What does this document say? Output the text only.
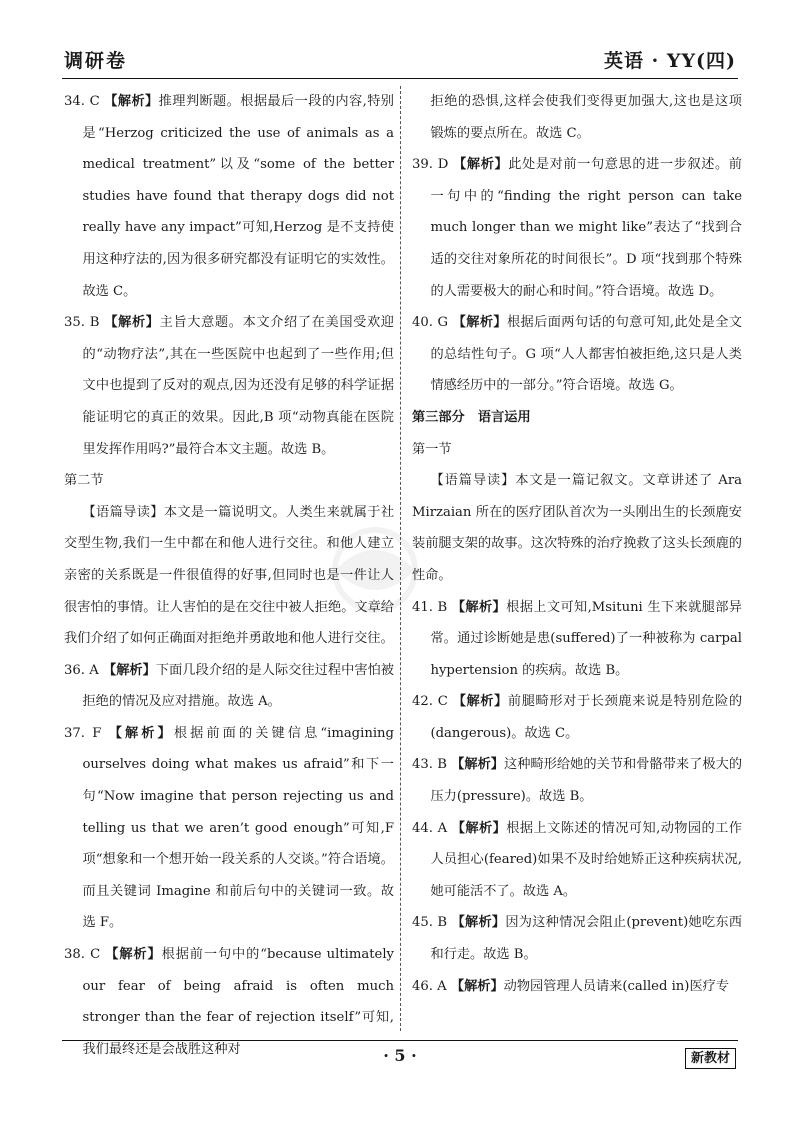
调研卷	英语 · YY(四)

34. C 【解析】推理判断题。根据最后一段的内容,特别是“Herzog criticized the use of animals as a medical treatment”以及“some of the better studies have found that therapy dogs did not really have any impact”可知,Herzog 是不支持使用这种疗法的,因为很多研究都没有证明它的实效性。故选 C。

35. B 【解析】主旨大意题。本文介绍了在美国受欢迎的“动物疗法”,其在一些医院中也起到了一些作用;但文中也提到了反对的观点,因为还没有足够的科学证据能证明它的真正的效果。因此,B 项“动物真能在医院里发挥作用吗?”最符合本文主题。故选 B。

第二节

【语篇导读】本文是一篇说明文。人类生来就属于社交型生物,我们一生中都在和他人进行交往。和他人建立亲密的关系既是一件很值得的好事,但同时也是一件让人很害怕的事情。让人害怕的是在交往中被人拒绝。文章给我们介绍了如何正确面对拒绝并勇敢地和他人进行交往。

36. A 【解析】下面几段介绍的是人际交往过程中害怕被拒绝的情况及应对措施。故选 A。

37. F 【解析】根据前面的关键信息“imagining ourselves doing what makes us afraid”和下一句“Now imagine that person rejecting us and telling us that we aren’t good enough”可知,F 项“想象和一个想开始一段关系的人交谈。”符合语境。而且关键词 Imagine 和前后句中的关键词一致。故选 F。

38. C 【解析】根据前一句中的“because ultimately our fear of being afraid is often much stronger than the fear of rejection itself”可知,我们最终还是会战胜这种对

拒绝的恐惧,这样会使我们变得更加强大,这也是这项锻炼的要点所在。故选 C。

39. D 【解析】此处是对前一句意思的进一步叙述。前一句中的“finding the right person can take much longer than we might like”表达了“找到合适的交往对象所花的时间很长”。D 项“找到那个特殊的人需要极大的耐心和时间。”符合语境。故选 D。

40. G 【解析】根据后面两句话的句意可知,此处是全文的总结性句子。G 项“人人都害怕被拒绝,这只是人类情感经历中的一部分。”符合语境。故选 G。

第三部分　语言运用

第一节

【语篇导读】本文是一篇记叙文。文章讲述了 Ara Mirzaian 所在的医疗团队首次为一头刚出生的长颈鹿安装前腿支架的故事。这次特殊的治疗挽救了这头长颈鹿的性命。

41. B 【解析】根据上文可知,Msituni 生下来就腿部异常。通过诊断她是患(suffered)了一种被称为 carpal hypertension 的疾病。故选 B。

42. C 【解析】前腿畸形对于长颈鹿来说是特别危险的(dangerous)。故选 C。

43. B 【解析】这种畸形给她的关节和骨骼带来了极大的压力(pressure)。故选 B。

44. A 【解析】根据上文陈述的情况可知,动物园的工作人员担心(feared)如果不及时给她矫正这种疾病状况,她可能活不了。故选 A。

45. B 【解析】因为这种情况会阻止(prevent)她吃东西和行走。故选 B。

46. A 【解析】动物园管理人员请来(called in)医疗专

· 5 ·	新教材
